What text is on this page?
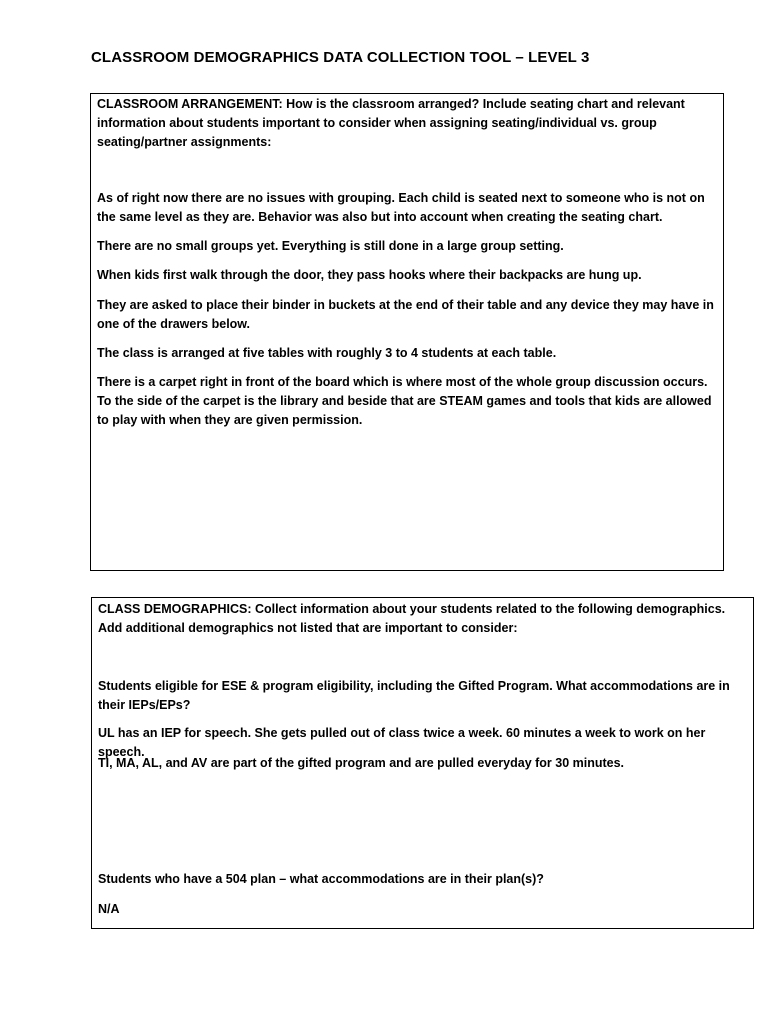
CLASSROOM DEMOGRAPHICS DATA COLLECTION TOOL – LEVEL 3

CLASSROOM ARRANGEMENT: How is the classroom arranged? Include seating chart and relevant information about students important to consider when assigning seating/individual vs. group seating/partner assignments:

As of right now there are no issues with grouping. Each child is seated next to someone who is not on the same level as they are. Behavior was also but into account when creating the seating chart.

There are no small groups yet. Everything is still done in a large group setting.

When kids first walk through the door, they pass hooks where their backpacks are hung up.

They are asked to place their binder in buckets at the end of their table and any device they may have in one of the drawers below.

The class is arranged at five tables with roughly 3 to 4 students at each table.

There is a carpet right in front of the board which is where most of the whole group discussion occurs. To the side of the carpet is the library and beside that are STEAM games and tools that kids are allowed to play with when they are given permission.

CLASS DEMOGRAPHICS: Collect information about your students related to the following demographics. Add additional demographics not listed that are important to consider:

Students eligible for ESE & program eligibility, including the Gifted Program. What accommodations are in their IEPs/EPs?

UL has an IEP for speech. She gets pulled out of class twice a week. 60 minutes a week to work on her speech.

TI, MA, AL, and AV are part of the gifted program and are pulled everyday for 30 minutes.

Students who have a 504 plan – what accommodations are in their plan(s)?

N/A
